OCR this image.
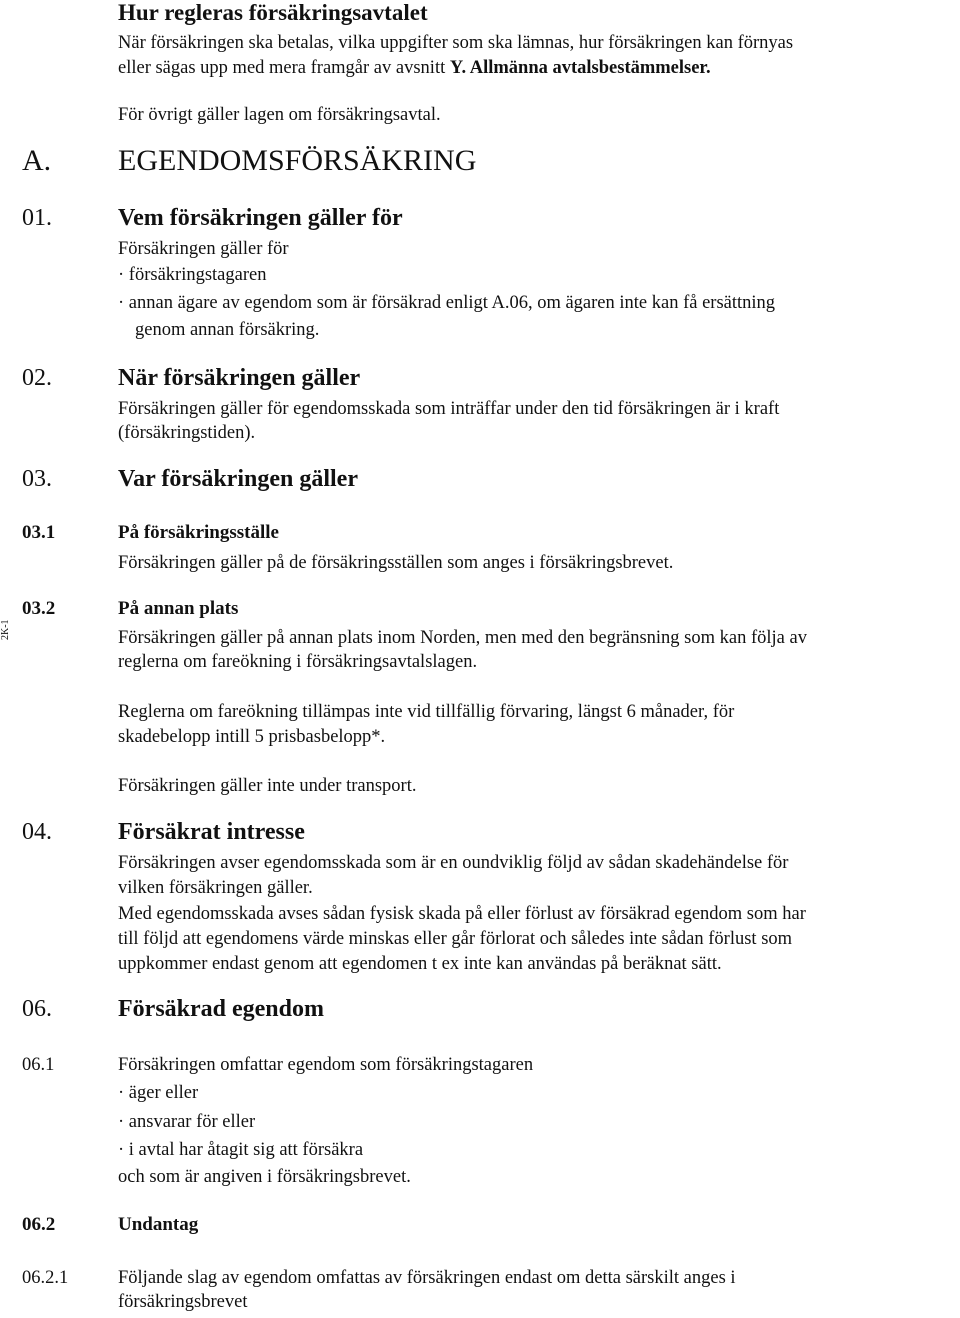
Hur regleras försäkringsavtalet
När försäkringen ska betalas, vilka uppgifter som ska lämnas, hur försäkringen kan förnyas
eller sägas upp med mera framgår av avsnitt Y. Allmänna avtalsbestämmelser.
För övrigt gäller lagen om försäkringsavtal.
A. EGENDOMSFÖRSÄKRING
01.	Vem försäkringen gäller för
Försäkringen gäller för
· försäkringstagaren
· annan ägare av egendom som är försäkrad enligt A.06, om ägaren inte kan få ersättning
genom annan försäkring.
02.	När försäkringen gäller
Försäkringen gäller för egendomsskada som inträffar under den tid försäkringen är i kraft
(försäkringstiden).
03.	Var försäkringen gäller
03.1	På försäkringsställe
Försäkringen gäller på de försäkringsställen som anges i försäkringsbrevet.
2K-1
03.2	På annan plats
Försäkringen gäller på annan plats inom Norden, men med den begränsning som kan följa av
reglerna om fareökning i försäkringsavtalslagen.
Reglerna om fareökning tillämpas inte vid tillfällig förvaring, längst 6 månader, för
skadebelopp intill 5 prisbasbelopp*.
Försäkringen gäller inte under transport.
04.	Försäkrat intresse
Försäkringen avser egendomsskada som är en oundviklig följd av sådan skadehändelse för
vilken försäkringen gäller.
Med egendomsskada avses sådan fysisk skada på eller förlust av försäkrad egendom som har
till följd att egendomens värde minskas eller går förlorat och således inte sådan förlust som
uppkommer endast genom att egendomen t ex inte kan användas på beräknat sätt.
06.	Försäkrad egendom
06.1	Försäkringen omfattar egendom som försäkringstagaren
· äger eller
· ansvarar för eller
· i avtal har åtagit sig att försäkra
och som är angiven i försäkringsbrevet.
06.2	Undantag
06.2.1	Följande slag av egendom omfattas av försäkringen endast om detta särskilt anges i
försäkringsbrevet
